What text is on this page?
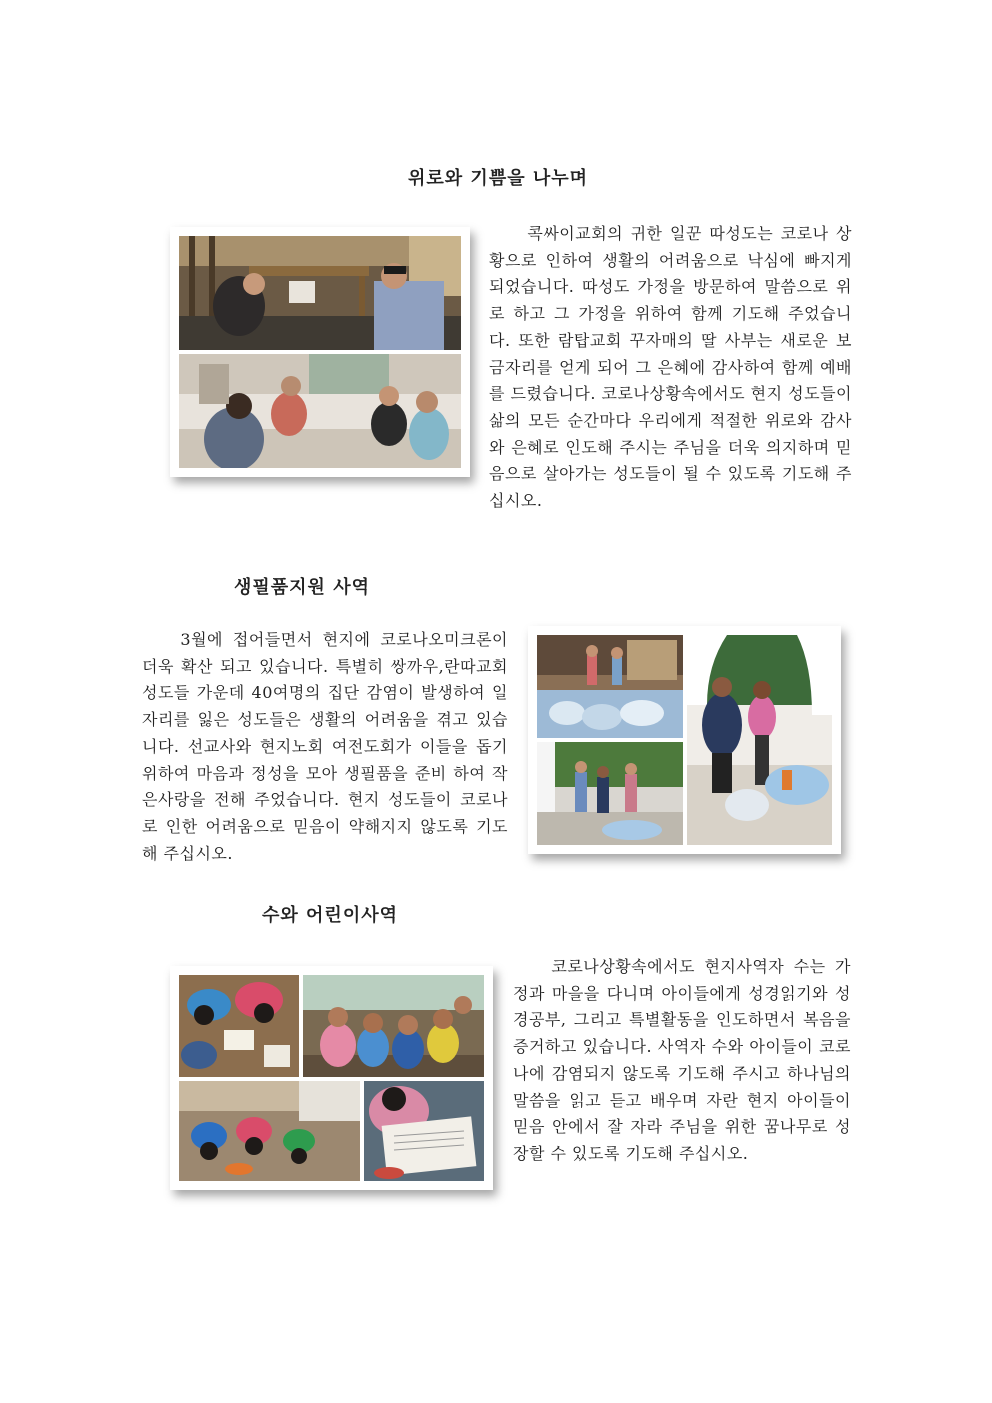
위로와 기쁨을 나누며

콕싸이교회의 귀한 일꾼 따성도는 코로나 상황으로 인하여 생활의 어려움으로 낙심에 빠지게 되었습니다. 따성도 가정을 방문하여 말씀으로 위로 하고 그 가정을 위하여 함께 기도해 주었습니다. 또한 람탑교회 꾸자매의 딸 사부는 새로운 보금자리를 얻게 되어 그 은혜에 감사하여 함께 예배를 드렸습니다. 코로나상황속에서도 현지 성도들이 삶의 모든 순간마다 우리에게 적절한 위로와 감사와 은혜로 인도해 주시는 주님을 더욱 의지하며 믿음으로 살아가는 성도들이 될 수 있도록 기도해 주십시오.

생필품지원 사역

3월에 접어들면서 현지에 코로나오미크론이 더욱 확산 되고 있습니다. 특별히 쌍까우,란따교회 성도들 가운데 40여명의 집단 감염이 발생하여 일자리를 잃은 성도들은 생활의 어려움을 겪고 있습니다. 선교사와 현지노회 여전도회가 이들을 돕기 위하여 마음과 정성을 모아 생필품을 준비 하여 작은사랑을 전해 주었습니다. 현지 성도들이 코로나로 인한 어려움으로 믿음이 약해지지 않도록 기도해 주십시오.

수와 어린이사역

코로나상황속에서도 현지사역자 수는 가정과 마을을 다니며 아이들에게 성경읽기와 성경공부, 그리고 특별활동을 인도하면서 복음을 증거하고 있습니다. 사역자 수와 아이들이 코로나에 감염되지 않도록 기도해 주시고 하나님의 말씀을 읽고 듣고 배우며 자란 현지 아이들이 믿음 안에서 잘 자라 주님을 위한 꿈나무로 성장할 수 있도록 기도해 주십시오.
